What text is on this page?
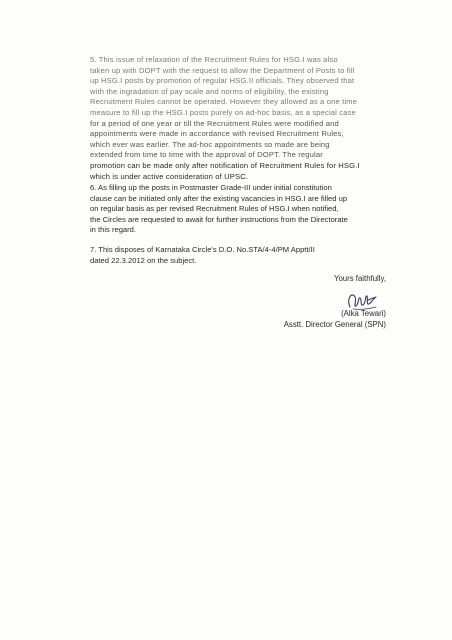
5. This issue of relaxation of the Recruitment Rules for HSG.I was also
taken up with DOPT with the request to allow the Department of Posts to fill
up HSG.I posts by promotion of regular HSG.II officials. They observed that
with the ingradation of pay scale and norms of eligibility, the existing
Recruitment Rules cannot be operated. However they allowed as a one time
measure to fill up the HSG.I posts purely on ad-hoc basis, as a special case
for a period of one year or till the Recruitment Rules were modified and
appointments were made in accordance with revised Recruitment Rules,
which ever was earlier. The ad-hoc appointments so made are being
extended from time to time with the approval of DOPT. The regular
promotion can be made only after notification of Recruitment Rules for HSG.I
which is under active consideration of UPSC.
6. As filling up the posts in Postmaster Grade-III under initial constitution
clause can be initiated only after the existing vacancies in HSG.I are filled up
on regular basis as per revised Recruitment Rules of HSG.I when notified,
the Circles are requested to await for further instructions from the Directorate
in this regard.
7. This disposes of Karnataka Circle's D.O. No.STA/4-4/PM Apptt/II
dated 22.3.2012 on the subject.
Yours faithfully,
(Alka Tewari)
Asstt. Director General (SPN)
